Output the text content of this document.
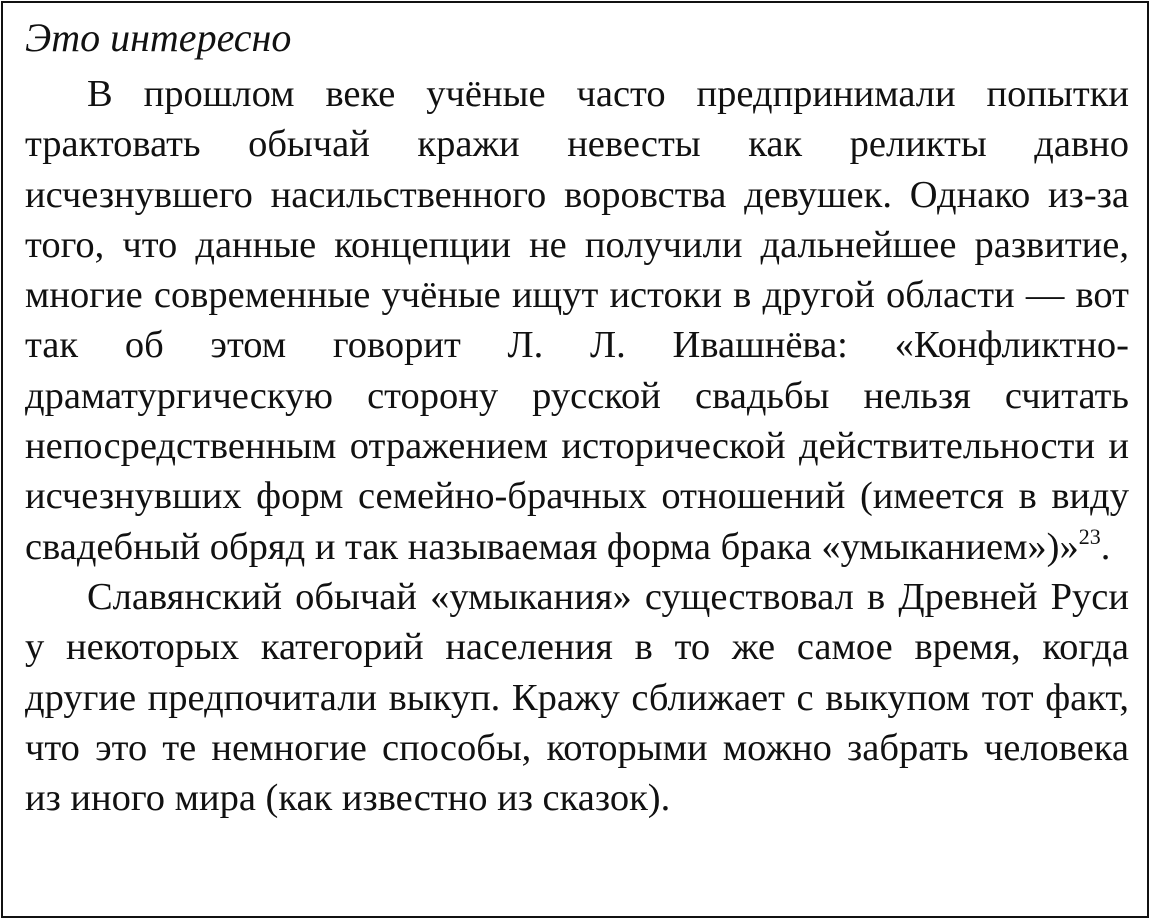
Это интересно

В прошлом веке учёные часто предпринимали попытки трактовать обычай кражи невесты как реликты давно исчезнувшего насильственного воровства девушек. Однако из-за того, что данные концепции не получили дальнейшее развитие, многие современные учёные ищут истоки в другой области — вот так об этом говорит Л. Л. Ивашнёва: «Конфликтно-драматургическую сторону русской свадьбы нельзя считать непосредственным отражением исторической действительности и исчезнувших форм семейно-брачных отношений (имеется в виду свадебный обряд и так называемая форма брака «умыканием»)»$^{23}$.

Славянский обычай «умыкания» существовал в Древней Руси у некоторых категорий населения в то же самое время, когда другие предпочитали выкуп. Кражу сближает с выкупом тот факт, что это те немногие способы, которыми можно забрать человека из иного мира (как известно из сказок).
